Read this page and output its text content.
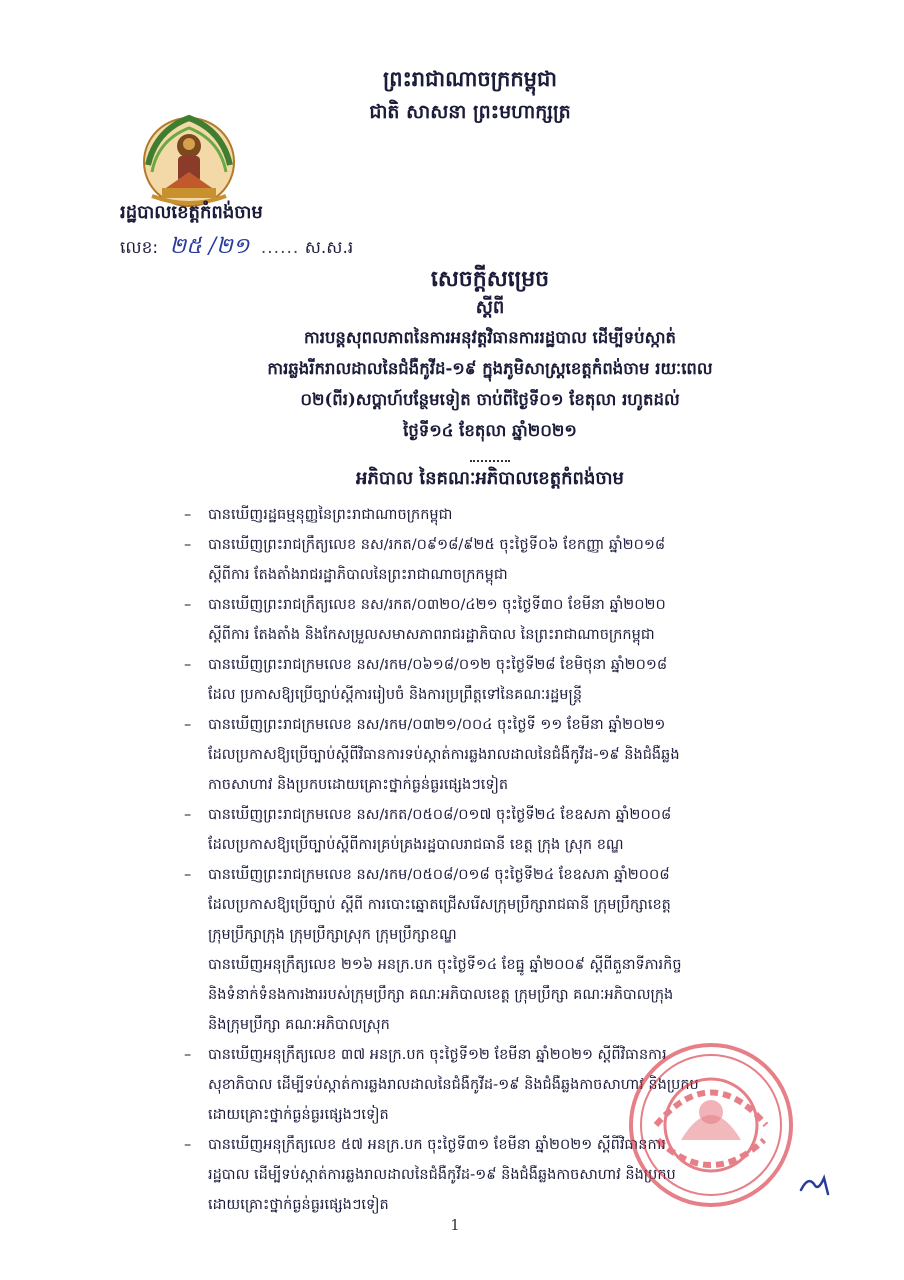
ព្រះរាជាណាចក្រកម្ពុជា
ជាតិ សាសនា ព្រះមហាក្សត្រ
រដ្ឋបាលខេត្តកំពង់ចាម
លេខ: ២៥ /២១ ...... ស.ស.រ
សេចក្តីសម្រេច
ស្តីពី
ការបន្តសុពលភាពនៃការអនុវត្តវិធានការរដ្ឋបាល ដើម្បីទប់ស្កាត់
ការឆ្លងរីករាលដាលនៃជំងឺកូវីដ-១៩ ក្នុងភូមិសាស្ត្រខេត្តកំពង់ចាម រយៈពេល
០២(ពីរ)សប្តាហ៍បន្ថែមទៀត ចាប់ពីថ្ងៃទី០១ ខែតុលា រហូតដល់
ថ្ងៃទី១៤ ខែតុលា ឆ្នាំ២០២១
អភិបាល នៃគណៈអភិបាលខេត្តកំពង់ចាម
–	បានឃើញរដ្ឋធម្មនុញ្ញនៃព្រះរាជាណាចក្រកម្ពុជា
–	បានឃើញព្រះរាជក្រឹត្យលេខ នស/រកត/០៩១៨/៩២៥ ចុះថ្ងៃទី០៦ ខែកញ្ញា ឆ្នាំ២០១៨
ស្តីពីការ តែងតាំងរាជរដ្ឋាភិបាលនៃព្រះរាជាណាចក្រកម្ពុជា
–	បានឃើញព្រះរាជក្រឹត្យលេខ នស/រកត/០៣២០/៤២១ ចុះថ្ងៃទី៣០ ខែមីនា ឆ្នាំ២០២០
ស្តីពីការ តែងតាំង និងកែសម្រួលសមាសភាពរាជរដ្ឋាភិបាល នៃព្រះរាជាណាចក្រកម្ពុជា
–	បានឃើញព្រះរាជក្រមលេខ នស/រកម/០៦១៨/០១២ ចុះថ្ងៃទី២៨ ខែមិថុនា ឆ្នាំ២០១៨
ដែល ប្រកាសឱ្យប្រើច្បាប់ស្តីការរៀបចំ និងការប្រព្រឹត្តទៅនៃគណៈរដ្ឋមន្ត្រី
–	បានឃើញព្រះរាជក្រមលេខ នស/រកម/០៣២១/០០៤ ចុះថ្ងៃទី ១១ ខែមីនា ឆ្នាំ២០២១
ដែលប្រកាសឱ្យប្រើច្បាប់ស្តីពីវិធានការទប់ស្កាត់ការឆ្លងរាលដាលនៃជំងឺកូវីដ-១៩ និងជំងឺឆ្លង
កាចសាហាវ និងប្រកបដោយគ្រោះថ្នាក់ធ្ងន់ធ្ងរផ្សេងៗទៀត
–	បានឃើញព្រះរាជក្រមលេខ នស/រកត/០៥០៨/០១៧ ចុះថ្ងៃទី២៤ ខែឧសភា ឆ្នាំ២០០៨
ដែលប្រកាសឱ្យប្រើច្បាប់ស្តីពីការគ្រប់គ្រងរដ្ឋបាលរាជធានី ខេត្ត ក្រុង ស្រុក ខណ្ឌ
–	បានឃើញព្រះរាជក្រមលេខ នស/រកម/០៥០៨/០១៨ ចុះថ្ងៃទី២៤ ខែឧសភា ឆ្នាំ២០០៨
ដែលប្រកាសឱ្យប្រើច្បាប់ ស្តីពី ការបោះឆ្នោតជ្រើសរើសក្រុមប្រឹក្សារាជធានី ក្រុមប្រឹក្សាខេត្ត
ក្រុមប្រឹក្សាក្រុង ក្រុមប្រឹក្សាស្រុក ក្រុមប្រឹក្សាខណ្ឌ
បានឃើញអនុក្រឹត្យលេខ ២១៦ អនក្រ.បក ចុះថ្ងៃទី១៤ ខែធ្នូ ឆ្នាំ២០០៩ ស្តីពីតួនាទីភារកិច្ច
និងទំនាក់ទំនងការងាររបស់ក្រុមប្រឹក្សា គណៈអភិបាលខេត្ត ក្រុមប្រឹក្សា គណៈអភិបាលក្រុង
និងក្រុមប្រឹក្សា គណៈអភិបាលស្រុក
–	បានឃើញអនុក្រឹត្យលេខ ៣៧ អនក្រ.បក ចុះថ្ងៃទី១២ ខែមីនា ឆ្នាំ២០២១ ស្តីពីវិធានការ
សុខាភិបាល ដើម្បីទប់ស្កាត់ការឆ្លងរាលដាលនៃជំងឺកូវីដ-១៩ និងជំងឺឆ្លងកាចសាហាវ និងប្រកប
ដោយគ្រោះថ្នាក់ធ្ងន់ធ្ងរផ្សេងៗទៀត
–	បានឃើញអនុក្រឹត្យលេខ ៥៧ អនក្រ.បក ចុះថ្ងៃទី៣១ ខែមីនា ឆ្នាំ២០២១ ស្តីពីវិធានការ
រដ្ឋបាល ដើម្បីទប់ស្កាត់ការឆ្លងរាលដាលនៃជំងឺកូវីដ-១៩ និងជំងឺឆ្លងកាចសាហាវ និងប្រកប
ដោយគ្រោះថ្នាក់ធ្ងន់ធ្ងរផ្សេងៗទៀត
1
